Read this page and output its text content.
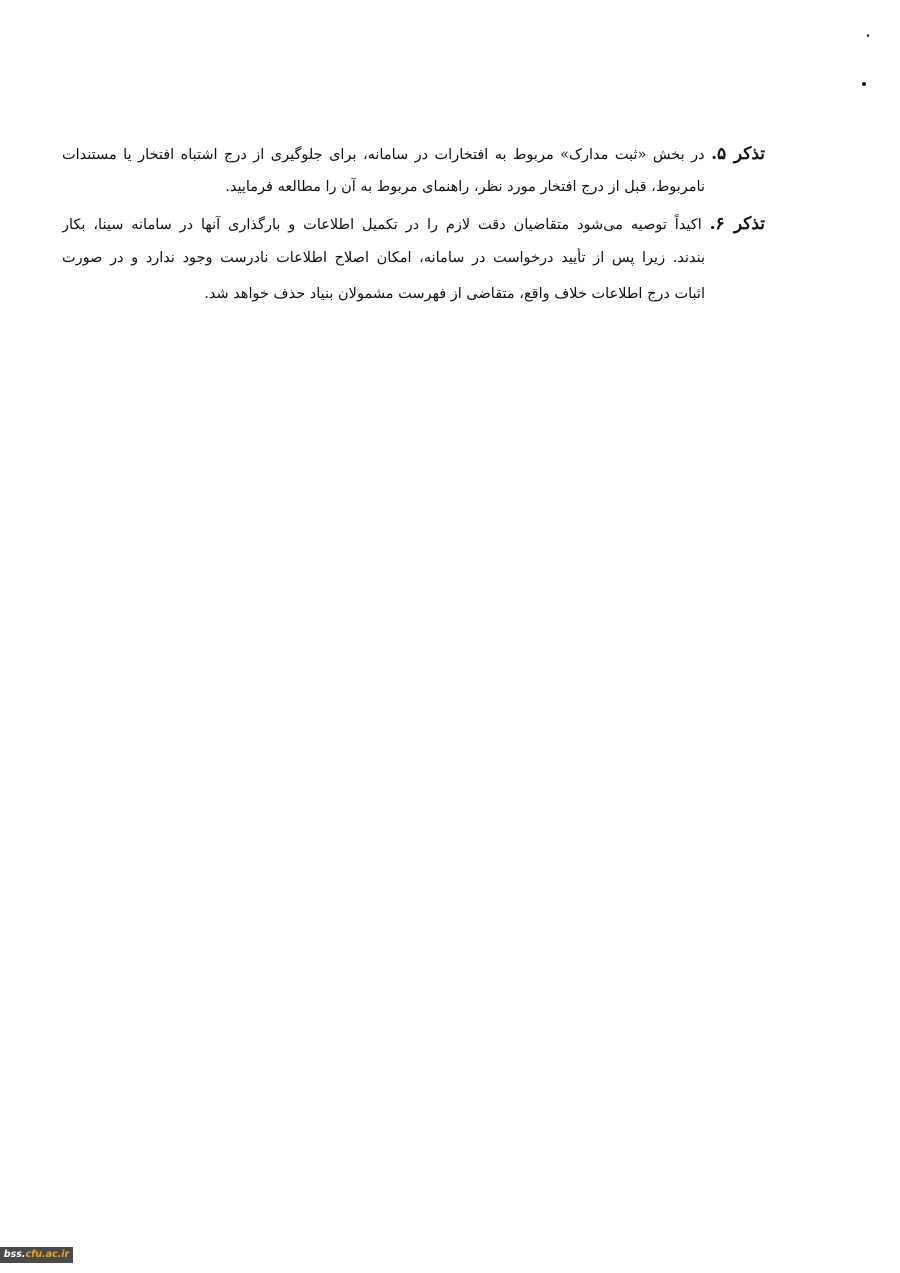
تذکر ۵. در بخش «ثبت مدارک» مربوط به افتخارات در سامانه، برای جلوگیری از درج اشتباه افتخار یا مستندات
نامربوط، قبل از درج افتخار مورد نظر، راهنمای مربوط به آن را مطالعه فرمایید.
تذکر ۶. اکیداً توصیه می‌شود متقاضیان دقت لازم را در تکمیل اطلاعات و بارگذاری آنها در سامانه سینا، بکار
بندند. زیرا پس از تأیید درخواست در سامانه، امکان اصلاح اطلاعات نادرست وجود ندارد و در صورت
اثبات درج اطلاعات خلاف واقع، متقاضی از فهرست مشمولان بنیاد حذف خواهد شد.
bss.cfu.ac.ir
